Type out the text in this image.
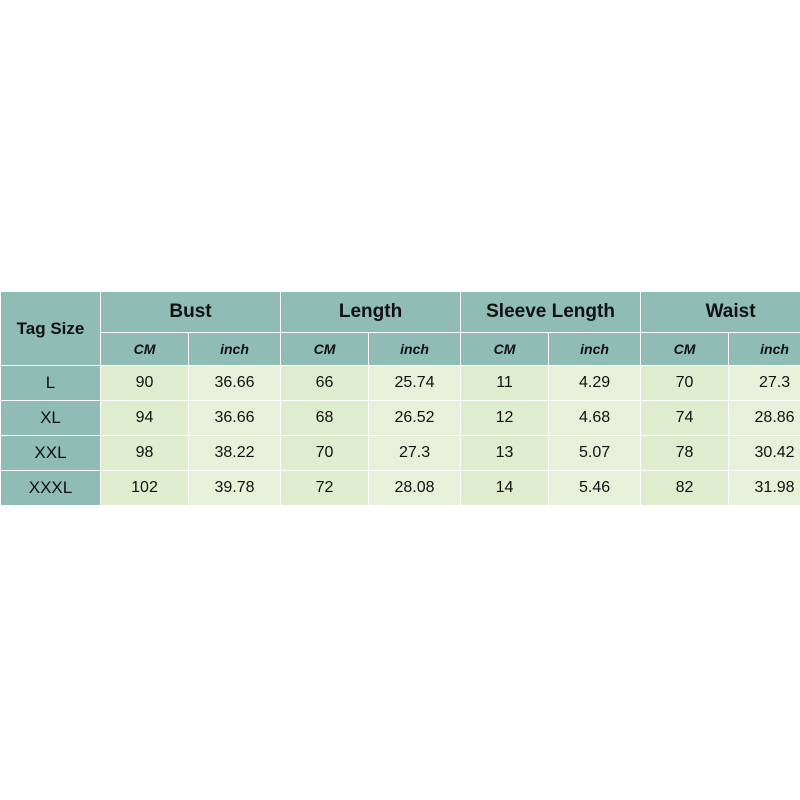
Tag Size	Bust		Length		Sleeve Length		Waist	
	CM	inch	CM	inch	CM	inch	CM	inch
L	90	36.66	66	25.74	11	4.29	70	27.3
XL	94	36.66	68	26.52	12	4.68	74	28.86
XXL	98	38.22	70	27.3	13	5.07	78	30.42
XXXL	102	39.78	72	28.08	14	5.46	82	31.98
